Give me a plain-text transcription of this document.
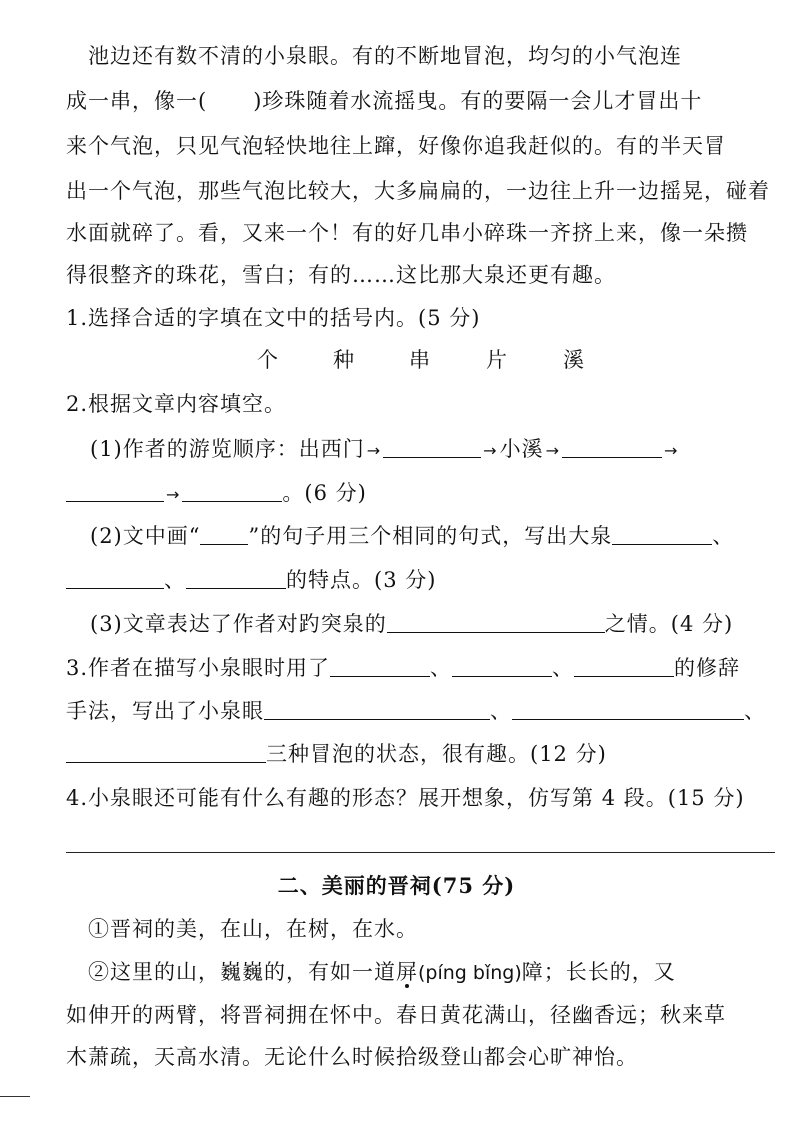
池边还有数不清的小泉眼。有的不断地冒泡，均匀的小气泡连
成一串，像一( )珍珠随着水流摇曳。有的要隔一会儿才冒出十
来个气泡，只见气泡轻快地往上蹿，好像你追我赶似的。有的半天冒
出一个气泡，那些气泡比较大，大多扁扁的，一边往上升一边摇晃，碰着
水面就碎了。看，又来一个！有的好几串小碎珠一齐挤上来，像一朵攒
得很整齐的珠花，雪白；有的……这比那大泉还更有趣。
1.选择合适的字填在文中的括号内。(5 分)
个	种	串	片	溪
2.根据文章内容填空。
(1)作者的游览顺序：出西门 →	→小溪 →	→
→	。(6 分)
(2)文中画“ ”的句子用三个相同的句式，写出大泉	、
、	的特点。(3 分)
(3)文章表达了作者对趵突泉的	之情。(4 分)
3.作者在描写小泉眼时用了	、	、	的修辞
手法，写出了小泉眼	、	、
三种冒泡的状态，很有趣。(12 分)
4.小泉眼还可能有什么有趣的形态？展开想象，仿写第 4 段。(15 分)
二、美丽的晋祠(75 分)
①晋祠的美，在山，在树，在水。
②这里的山，巍巍的，有如一道屏(píng bǐng)障；长长的，又
如伸开的两臂，将晋祠拥在怀中。春日黄花满山，径幽香远；秋来草
木萧疏，天高水清。无论什么时候拾级登山都会心旷神怡。
